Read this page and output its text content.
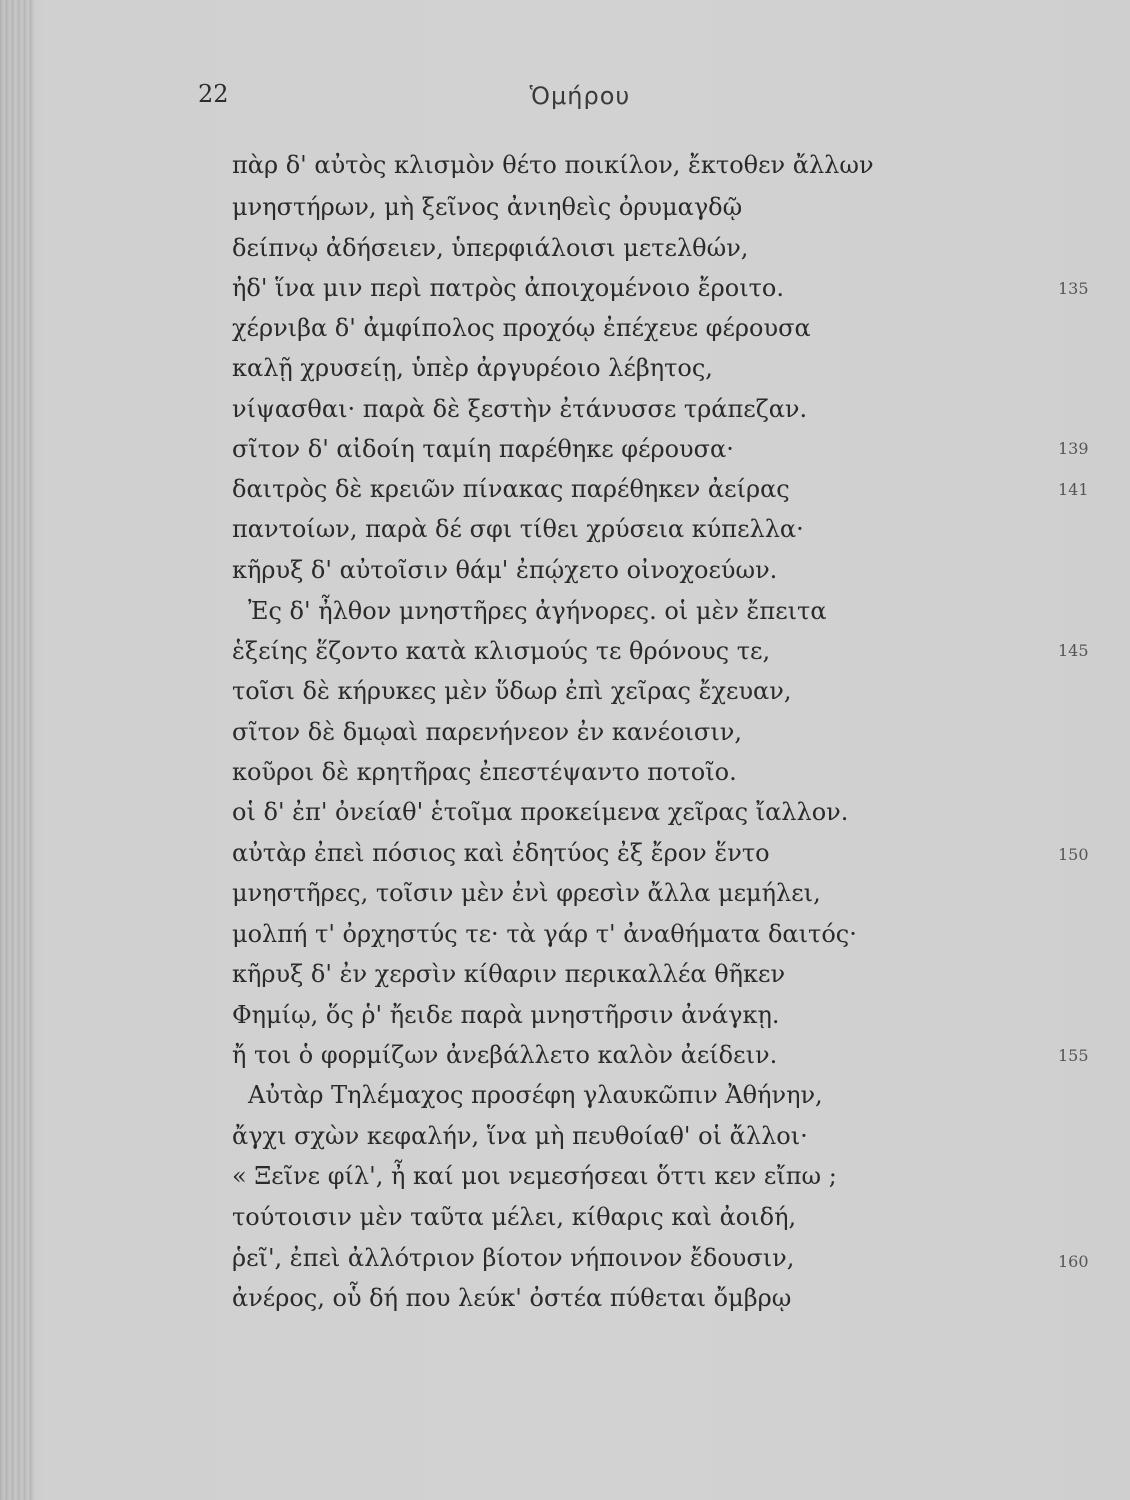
22	Ὁμήρου
πὰρ δ' αὐτὸς κλισμὸν θέτο ποικίλον, ἔκτοθεν ἄλλων
μνηστήρων, μὴ ξεῖνος ἀνιηθεὶς ὀρυμαγδῷ
δείπνῳ ἀδήσειεν, ὑπερφιάλοισι μετελθών,
ἠδ' ἵνα μιν περὶ πατρὸς ἀποιχομένοιο ἔροιτο.
χέρνιβα δ' ἀμφίπολος προχόῳ ἐπέχευε φέρουσα
καλῇ χρυσείῃ, ὑπὲρ ἀργυρέοιο λέβητος,
νίψασθαι· παρὰ δὲ ξεστὴν ἐτάνυσσε τράπεζαν.
σῖτον δ' αἰδοίη ταμίη παρέθηκε φέρουσα·
δαιτρὸς δὲ κρειῶν πίνακας παρέθηκεν ἀείρας
παντοίων, παρὰ δέ σφι τίθει χρύσεια κύπελλα·
κῆρυξ δ' αὐτοῖσιν θάμ' ἐπῴχετο οἰνοχοεύων.
Ἐς δ' ἦλθον μνηστῆρες ἀγήνορες. οἱ μὲν ἔπειτα
ἑξείης ἕζοντο κατὰ κλισμούς τε θρόνους τε,
τοῖσι δὲ κήρυκες μὲν ὕδωρ ἐπὶ χεῖρας ἔχευαν,
σῖτον δὲ δμῳαὶ παρενήνεον ἐν κανέοισιν,
κοῦροι δὲ κρητῆρας ἐπεστέψαντο ποτοῖο.
οἱ δ' ἐπ' ὀνείαθ' ἑτοῖμα προκείμενα χεῖρας ἴαλλον.
αὐτὰρ ἐπεὶ πόσιος καὶ ἐδητύος ἐξ ἔρον ἕντο
μνηστῆρες, τοῖσιν μὲν ἐνὶ φρεσὶν ἄλλα μεμήλει,
μολπή τ' ὀρχηστύς τε· τὰ γάρ τ' ἀναθήματα δαιτός·
κῆρυξ δ' ἐν χερσὶν κίθαριν περικαλλέα θῆκεν
Φημίῳ, ὅς ῥ' ἤειδε παρὰ μνηστῆρσιν ἀνάγκῃ.
ἤ τοι ὁ φορμίζων ἀνεβάλλετο καλὸν ἀείδειν.
Αὐτὰρ Τηλέμαχος προσέφη γλαυκῶπιν Ἀθήνην,
ἄγχι σχὼν κεφαλήν, ἵνα μὴ πευθοίαθ' οἱ ἄλλοι·
« Ξεῖνε φίλ', ἦ καί μοι νεμεσήσεαι ὅττι κεν εἴπω ;
τούτοισιν μὲν ταῦτα μέλει, κίθαρις καὶ ἀοιδή,
ῥεῖ', ἐπεὶ ἀλλότριον βίοτον νήποινον ἔδουσιν,
ἀνέρος, οὗ δή που λεύκ' ὀστέα πύθεται ὄμβρῳ
135
139
141
145
150
155
160
